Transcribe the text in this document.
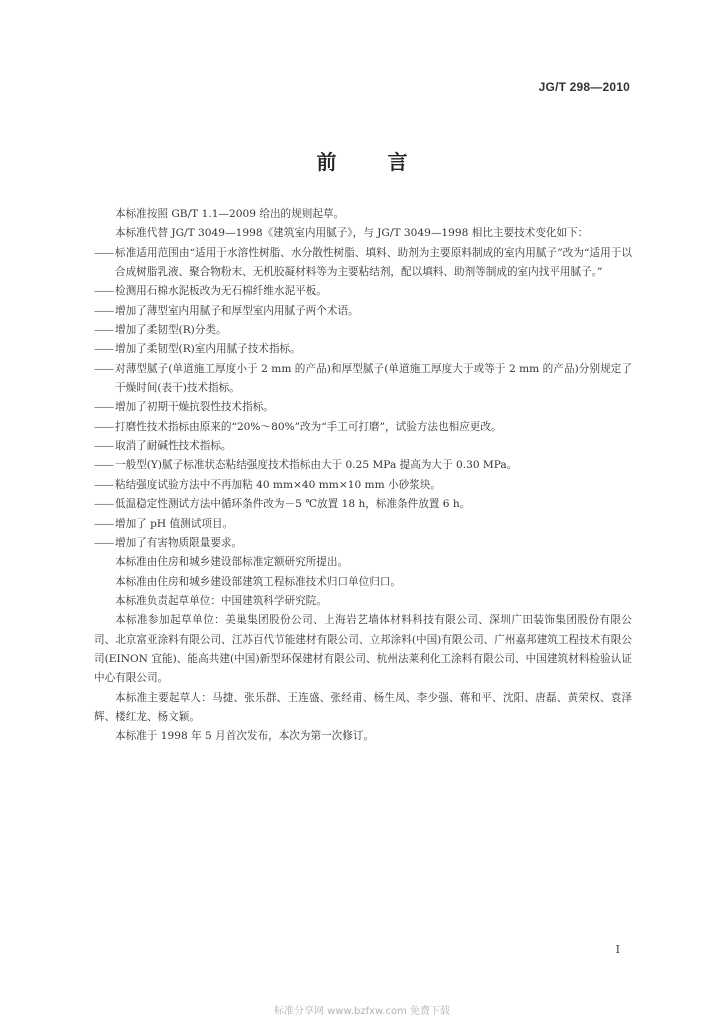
JG/T 298—2010
前 言
本标准按照 GB/T 1.1—2009 给出的规则起草。
本标准代替 JG/T 3049—1998《建筑室内用腻子》，与 JG/T 3049—1998 相比主要技术变化如下：
—— 标准适用范围由“适用于水溶性树脂、水分散性树脂、填料、助剂为主要原料制成的室内用腻子”改为“适用于以合成树脂乳液、聚合物粉末、无机胶凝材料等为主要粘结剂，配以填料、助剂等制成的室内找平用腻子。”
—— 检测用石棉水泥板改为无石棉纤维水泥平板。
—— 增加了薄型室内用腻子和厚型室内用腻子两个术语。
—— 增加了柔韧型(R)分类。
—— 增加了柔韧型(R)室内用腻子技术指标。
—— 对薄型腻子(单道施工厚度小于 2 mm 的产品)和厚型腻子(单道施工厚度大于或等于 2 mm 的产品)分别规定了干燥时间(表干)技术指标。
—— 增加了初期干燥抗裂性技术指标。
—— 打磨性技术指标由原来的“20%～80%”改为“手工可打磨”，试验方法也相应更改。
—— 取消了耐碱性技术指标。
—— 一般型(Y)腻子标准状态粘结强度技术指标由大于 0.25 MPa 提高为大于 0.30 MPa。
—— 粘结强度试验方法中不再加粘 40 mm×40 mm×10 mm 小砂浆块。
—— 低温稳定性测试方法中循环条件改为－5 ℃放置 18 h，标准条件放置 6 h。
—— 增加了 pH 值测试项目。
—— 增加了有害物质限量要求。
本标准由住房和城乡建设部标准定额研究所提出。
本标准由住房和城乡建设部建筑工程标准技术归口单位归口。
本标准负责起草单位：中国建筑科学研究院。
本标准参加起草单位：美巢集团股份公司、上海岩艺墙体材料科技有限公司、深圳广田装饰集团股份有限公司、北京富亚涂料有限公司、江苏百代节能建材有限公司、立邦涂料(中国)有限公司、广州嘉邦建筑工程技术有限公司(EINON 宜能)、能高共建(中国)新型环保建材有限公司、杭州法莱利化工涂料有限公司、中国建筑材料检验认证中心有限公司。
本标准主要起草人：马捷、张乐群、王连盛、张经甫、杨生凤、李少强、蒋和平、沈阳、唐磊、黄荣权、袁泽辉、楼红龙、杨文颖。
本标准于 1998 年 5 月首次发布，本次为第一次修订。
I
标准分享网 www.bzfxw.com 免费下载
